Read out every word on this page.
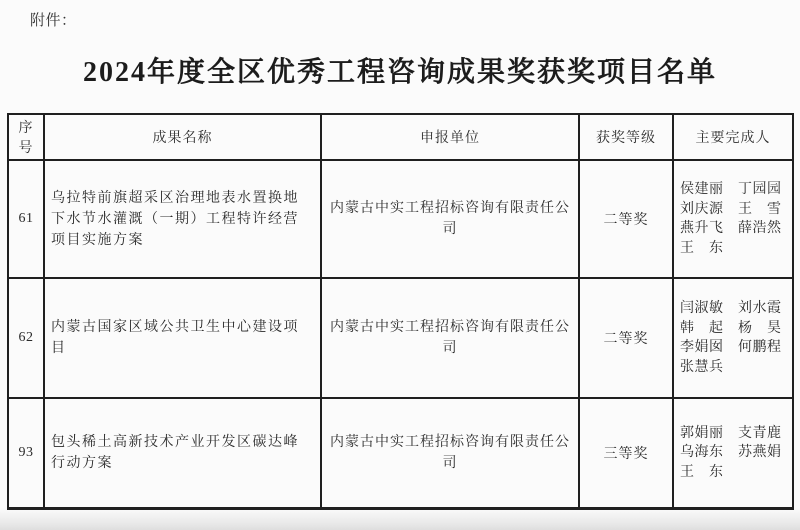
附件：
2024年度全区优秀工程咨询成果奖获奖项目名单
序号	成果名称	申报单位	获奖等级	主要完成人
61	乌拉特前旗超采区治理地表水置换地下水节水灌溉（一期）工程特许经营项目实施方案	内蒙古中实工程招标咨询有限责任公司	二等奖	侯建丽　丁园园
刘庆源　王　雪
燕升飞　薛浩然
王　东

62	内蒙古国家区域公共卫生中心建设项目	内蒙古中实工程招标咨询有限责任公司	二等奖	闫淑敏　刘水霞
韩　起　杨　昊
李娟囡　何鹏程
张慧兵

93	包头稀土高新技术产业开发区碳达峰行动方案	内蒙古中实工程招标咨询有限责任公司	三等奖	郭娟丽　支青鹿
乌海东　苏燕娟
王　东
